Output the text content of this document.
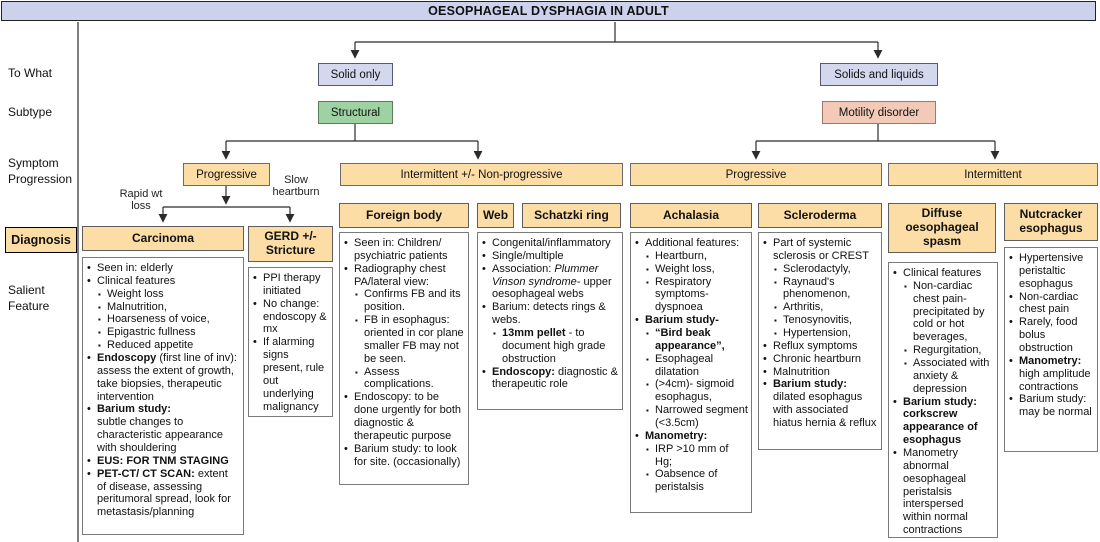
OESOPHAGEAL DYSPHAGIA IN ADULT
To What
Subtype
Symptom Progression
Diagnosis
Salient Feature
Solid only	Solids and liquids
Structural	Motility disorder
Progressive	Intermittent +/- Non-progressive	Progressive	Intermittent
Rapid wt loss
Slow heartburn
Carcinoma	GERD +/- Stricture
Foreign body	Web	Schatzki ring	Achalasia	Scleroderma	Diffuse oesophageal spasm
Nutcracker esophagus
• Seen in: elderly
• Clinical features
▪ Weight loss
▪ Malnutrition,
▪ Hoarseness of voice,
▪ Epigastric fullness
▪ Reduced appetite
• Endoscopy (first line of inv): assess the extent of growth, take biopsies, therapeutic intervention
• Barium study:
subtle changes to characteristic appearance with shouldering
• EUS: FOR TNM STAGING
• PET-CT/ CT SCAN: extent of disease, assessing peritumoral spread, look for metastasis/planning
• PPI therapy initiated
• No change: endoscopy & mx
• If alarming signs present, rule out underlying malignancy
• Seen in: Children/ psychiatric patients
• Radiography chest PA/lateral view:
▪ Confirms FB and its position.
▪ FB in esophagus: oriented in cor plane smaller FB may not be seen.
▪ Assess complications.
• Endoscopy: to be done urgently for both diagnostic & therapeutic purpose
• Barium study: to look for site. (occasionally)
• Congenital/inflammatory
• Single/multiple
• Association: Plummer Vinson syndrome- upper oesophageal webs
• Barium: detects rings & webs.
▪ 13mm pellet - to document high grade obstruction
• Endoscopy: diagnostic & therapeutic role
• Additional features:
▪ Heartburn,
▪ Weight loss,
▪ Respiratory symptoms- dyspnoea
• Barium study-
▪ “Bird beak appearance”,
▪ Esophageal dilatation
▪ (>4cm)- sigmoid esophagus,
▪ Narrowed segment (<3.5cm)
• Manometry:
▪ IRP >10 mm of Hg;
▪ Oabsence of peristalsis
• Part of systemic sclerosis or CREST
▪ Sclerodactyly,
▪ Raynaud's phenomenon,
▪ Arthritis,
▪ Tenosynovitis,
▪ Hypertension,
• Reflux symptoms
• Chronic heartburn
• Malnutrition
• Barium study: dilated esophagus with associated hiatus hernia & reflux
• Clinical features
▪ Non-cardiac chest pain- precipitated by cold or hot beverages,
▪ Regurgitation,
▪ Associated with anxiety & depression
• Barium study: corkscrew appearance of esophagus
• Manometry abnormal oesophageal peristalsis interspersed within normal contractions
• Hypertensive peristaltic esophagus
• Non-cardiac chest pain
• Rarely, food bolus obstruction
• Manometry: high amplitude contractions
• Barium study: may be normal
